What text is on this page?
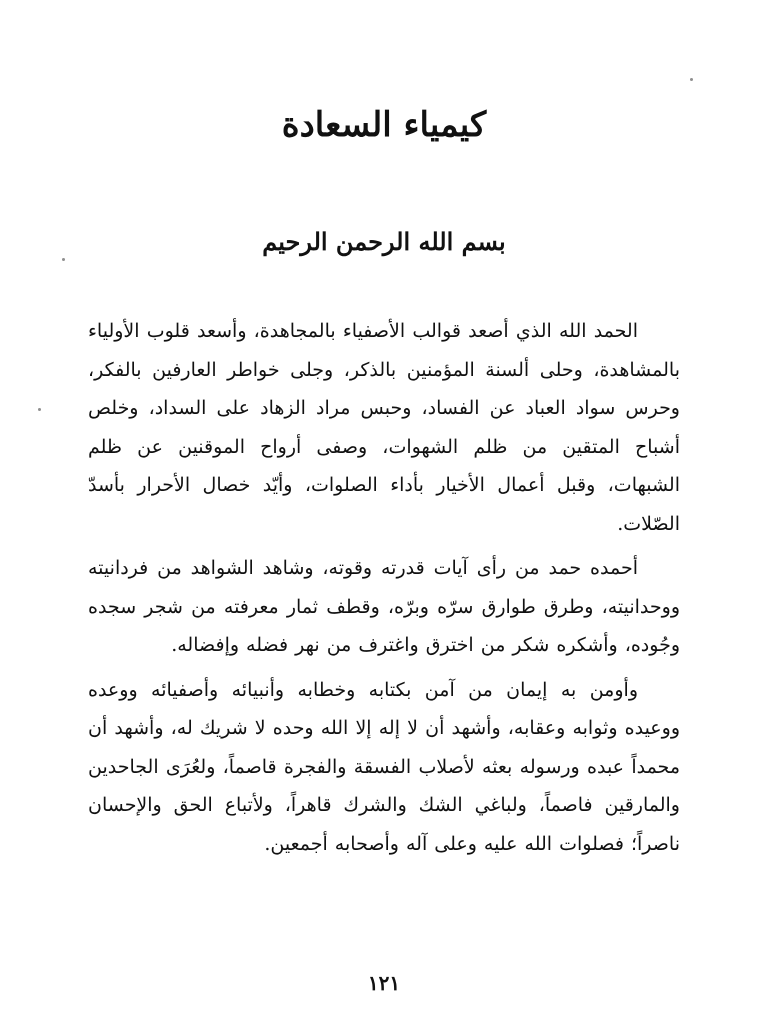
كيمياء السعادة
بسم الله الرحمن الرحيم

الحمد الله الذي أصعد قوالب الأصفياء بالمجاهدة، وأسعد قلوب الأولياء بالمشاهدة، وحلى ألسنة المؤمنين بالذكر، وجلى خواطر العارفين بالفكر، وحرس سواد العباد عن الفساد، وحبس مراد الزهاد على السداد، وخلص أشباح المتقين من ظلم الشهوات، وصفى أرواح الموقنين عن ظلم الشبهات، وقبل أعمال الأخيار بأداء الصلوات، وأيّد خصال الأحرار بأسدّ الصّلات.

أحمده حمد من رأى آيات قدرته وقوته، وشاهد الشواهد من فردانيته ووحدانيته، وطرق طوارق سرّه وبرّه، وقطف ثمار معرفته من شجر سجده وجُوده، وأشكره شكر من اخترق واغترف من نهر فضله وإفضاله.

وأومن به إيمان من آمن بكتابه وخطابه وأنبيائه وأصفيائه ووعده ووعيده وثوابه وعقابه، وأشهد أن لا إله إلا الله وحده لا شريك له، وأشهد أن محمداً عبده ورسوله بعثه لأصلاب الفسقة والفجرة قاصماً، ولعُرَى الجاحدين والمارقين فاصماً، ولباغي الشك والشرك قاهراً، ولأتباع الحق والإحسان ناصراً؛ فصلوات الله عليه وعلى آله وأصحابه أجمعين.

١٢١
